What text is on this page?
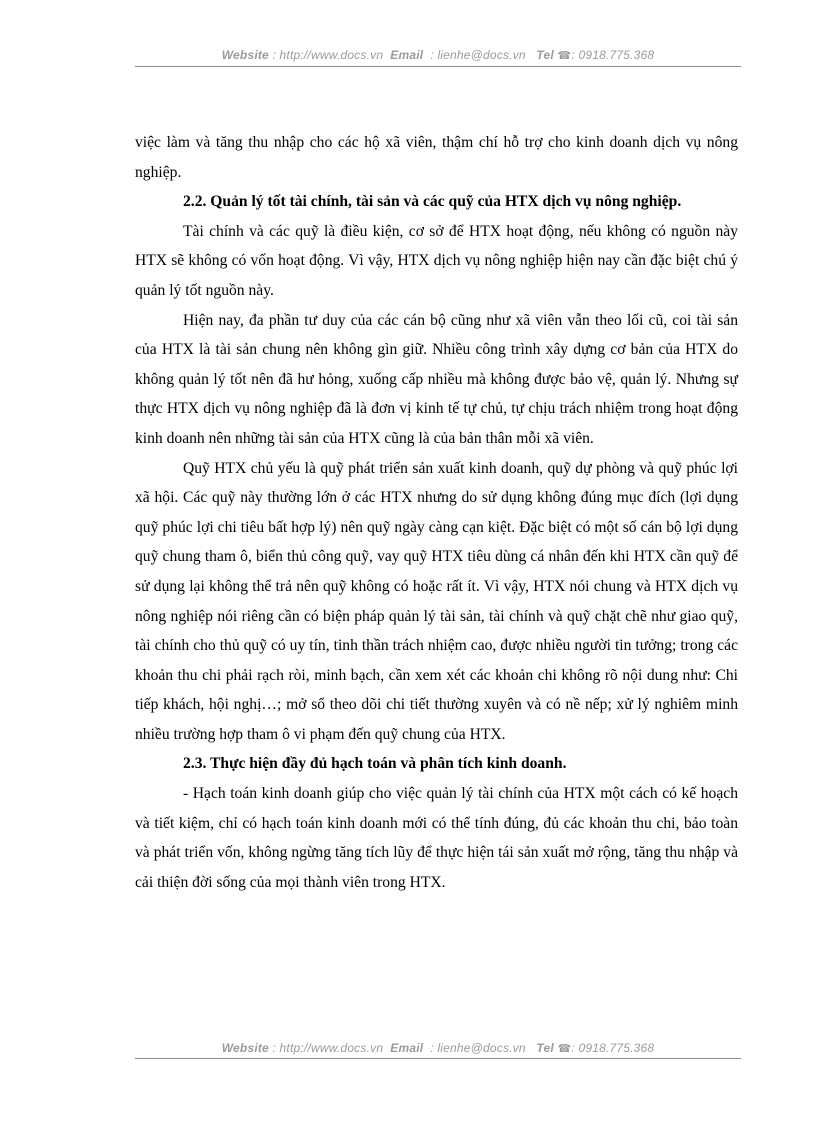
Website : http://www.docs.vn Email : lienhe@docs.vn Tel ☎: 0918.775.368

việc làm và tăng thu nhập cho các hộ xã viên, thậm chí hỗ trợ cho kinh doanh dịch vụ nông nghiệp.

2.2. Quản lý tốt tài chính, tài sản và các quỹ của HTX dịch vụ nông nghiệp.

Tài chính và các quỹ là điều kiện, cơ sở để HTX hoạt động, nếu không có nguồn này HTX sẽ không có vốn hoạt động. Vì vậy, HTX dịch vụ nông nghiệp hiện nay cần đặc biệt chú ý quản lý tốt nguồn này.

Hiện nay, đa phần tư duy của các cán bộ cũng như xã viên vẫn theo lối cũ, coi tài sản của HTX là tài sản chung nên không gìn giữ. Nhiều công trình xây dựng cơ bản của HTX do không quản lý tốt nên đã hư hỏng, xuống cấp nhiều mà không được bảo vệ, quản lý. Nhưng sự thực HTX dịch vụ nông nghiệp đã là đơn vị kinh tế tự chủ, tự chịu trách nhiệm trong hoạt động kinh doanh nên những tài sản của HTX cũng là của bản thân mỗi xã viên.

Quỹ HTX chủ yếu là quỹ phát triển sản xuất kinh doanh, quỹ dự phòng và quỹ phúc lợi xã hội. Các quỹ này thường lớn ở các HTX nhưng do sử dụng không đúng mục đích (lợi dụng quỹ phúc lợi chi tiêu bất hợp lý) nên quỹ ngày càng cạn kiệt. Đặc biệt có một số cán bộ lợi dụng quỹ chung tham ô, biển thủ công quỹ, vay quỹ HTX tiêu dùng cá nhân đến khi HTX cần quỹ để sử dụng lại không thể trả nên quỹ không có hoặc rất ít. Vì vậy, HTX nói chung và HTX dịch vụ nông nghiệp nói riêng cần có biện pháp quản lý tài sản, tài chính và quỹ chặt chẽ như giao quỹ, tài chính cho thủ quỹ có uy tín, tinh thần trách nhiệm cao, được nhiều người tin tưởng; trong các khoản thu chi phải rạch ròi, minh bạch, cần xem xét các khoản chi không rõ nội dung như: Chi tiếp khách, hội nghị…; mở sổ theo dõi chi tiết thường xuyên và có nề nếp; xử lý nghiêm minh nhiều trường hợp tham ô vi phạm đến quỹ chung của HTX.

2.3. Thực hiện đầy đủ hạch toán và phân tích kinh doanh.

- Hạch toán kinh doanh giúp cho việc quản lý tài chính của HTX một cách có kế hoạch và tiết kiệm, chỉ có hạch toán kinh doanh mới có thể tính đúng, đủ các khoản thu chi, bảo toàn và phát triển vốn, không ngừng tăng tích lũy để thực hiện tái sản xuất mở rộng, tăng thu nhập và cải thiện đời sống của mọi thành viên trong HTX.

Website : http://www.docs.vn Email : lienhe@docs.vn Tel ☎: 0918.775.368
